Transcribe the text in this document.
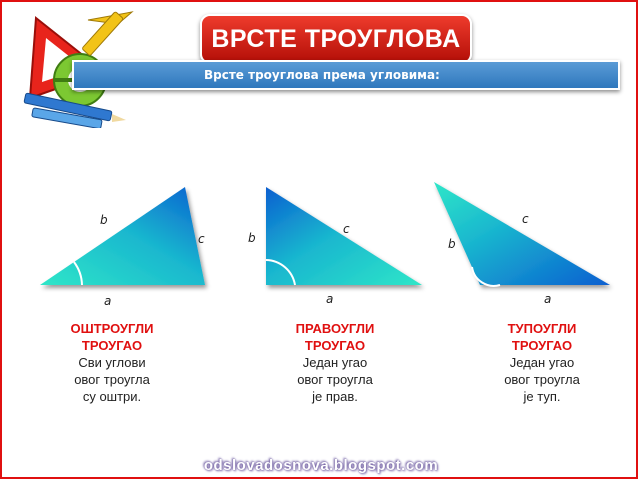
ВРСТЕ ТРОУГЛОВА
Врсте троуглова према угловима:
b
c
a
b
c
a
b
c
a
ОШТРОУГЛИ
ТРОУГАО
Сви углови
овог троугла
су оштри.
ПРАВОУГЛИ
ТРОУГАО
Један угао
овог троугла
је прав.
ТУПОУГЛИ
ТРОУГАО
Један угао
овог троугла
је туп.
odslovadosnova.blogspot.com
